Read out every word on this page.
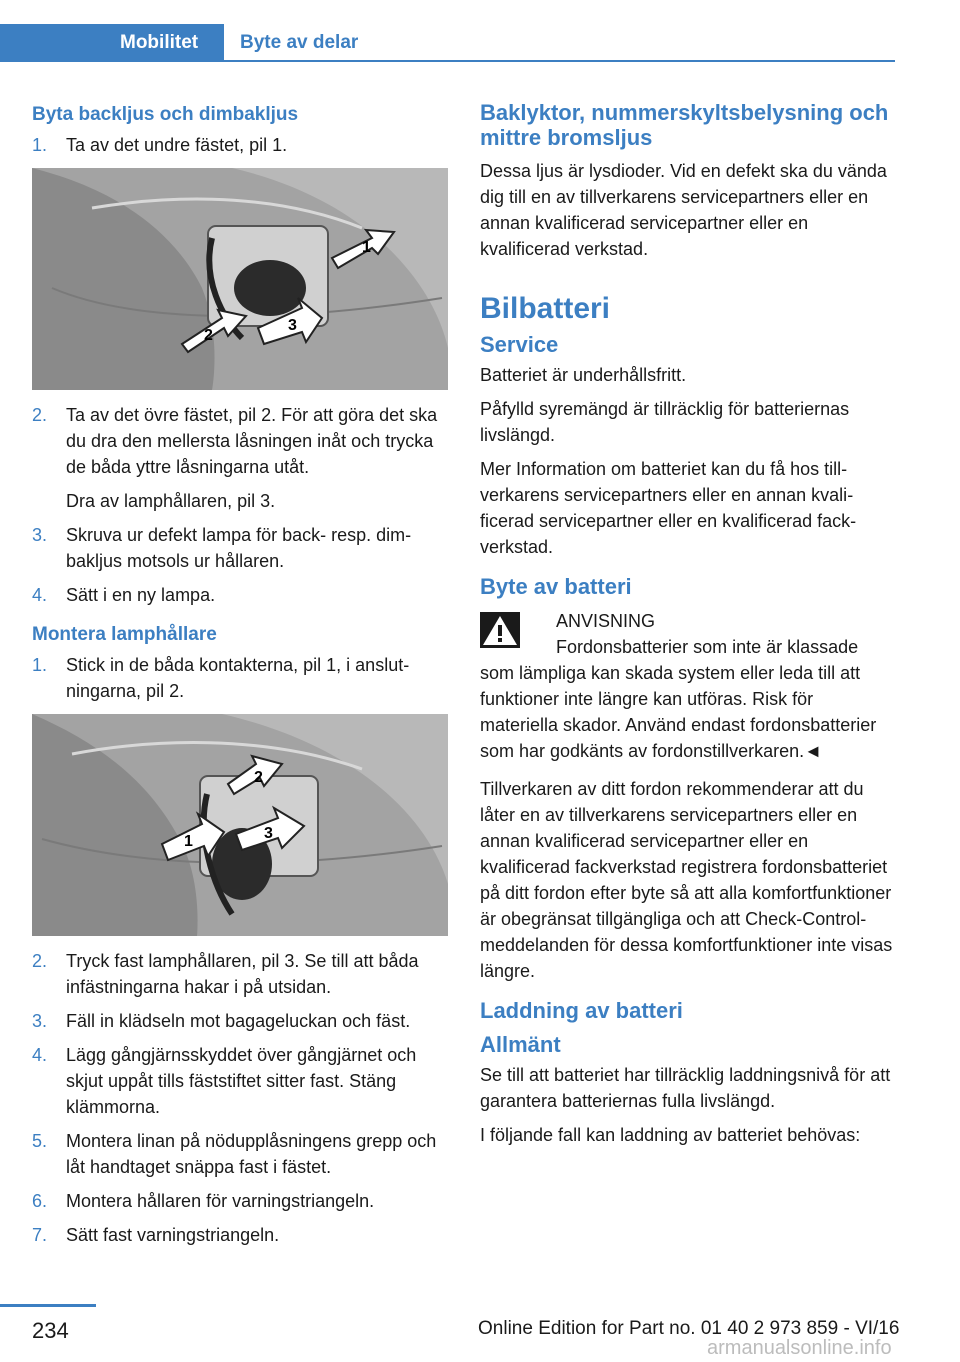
Mobilitet Byte av delar
Byta backljus och dimbakljus
1. Ta av det undre fästet, pil 1.
1
2
3
2. Ta av det övre fästet, pil 2. För att göra det ska du dra den mellersta låsningen inåt och trycka de båda yttre låsningarna utåt.
Dra av lamphållaren, pil 3.
3. Skruva ur defekt lampa för back- resp. dimbakljus motsols ur hållaren.
4. Sätt i en ny lampa.
Montera lamphållare
1. Stick in de båda kontakterna, pil 1, i anslutningarna, pil 2.
1
2
3
2. Tryck fast lamphållaren, pil 3. Se till att båda infästningarna hakar i på utsidan.
3. Fäll in klädseln mot bagageluckan och fäst.
4. Lägg gångjärnsskyddet över gångjärnet och skjut uppåt tills fäststiftet sitter fast. Stäng klämmorna.
5. Montera linan på nödupplåsningens grepp och låt handtaget snäppa fast i fästet.
6. Montera hållaren för varningstriangeln.
7. Sätt fast varningstriangeln.
Baklyktor, nummerskyltsbelysning och mittre bromsljus

Dessa ljus är lysdioder. Vid en defekt ska du vända dig till en av tillverkarens servicepartners eller en annan kvalificerad servicepartner eller en kvalificerad verkstad.

Bilbatteri
Service

Batteriet är underhållsfritt.

Påfylld syremängd är tillräcklig för batteriernas livslängd.

Mer Information om batteriet kan du få hos tillverkarens servicepartners eller en annan kvalificerad servicepartner eller en kvalificerad fackverkstad.

Byte av batteri

ANVISNING

Fordonsbatterier som inte är klassade

som lämpliga kan skada system eller leda till att funktioner inte längre kan utföras. Risk för materiella skador. Använd endast fordonsbatterier som har godkänts av fordonstillverkaren.◄

Tillverkaren av ditt fordon rekommenderar att du låter en av tillverkarens servicepartners eller en annan kvalificerad servicepartner eller en kvalificerad fackverkstad registrera fordonsbatteriet på ditt fordon efter byte så att alla komfortfunktioner är obegränsat tillgängliga och att Check-Control-meddelanden för dessa komfortfunktioner inte visas längre.

Laddning av batteri
Allmänt

Se till att batteriet har tillräcklig laddningsnivå för att garantera batteriernas fulla livslängd.

I följande fall kan laddning av batteriet behövas:

234	Online Edition for Part no. 01 40 2 973 859 - VI/16
armanualsonline.info
